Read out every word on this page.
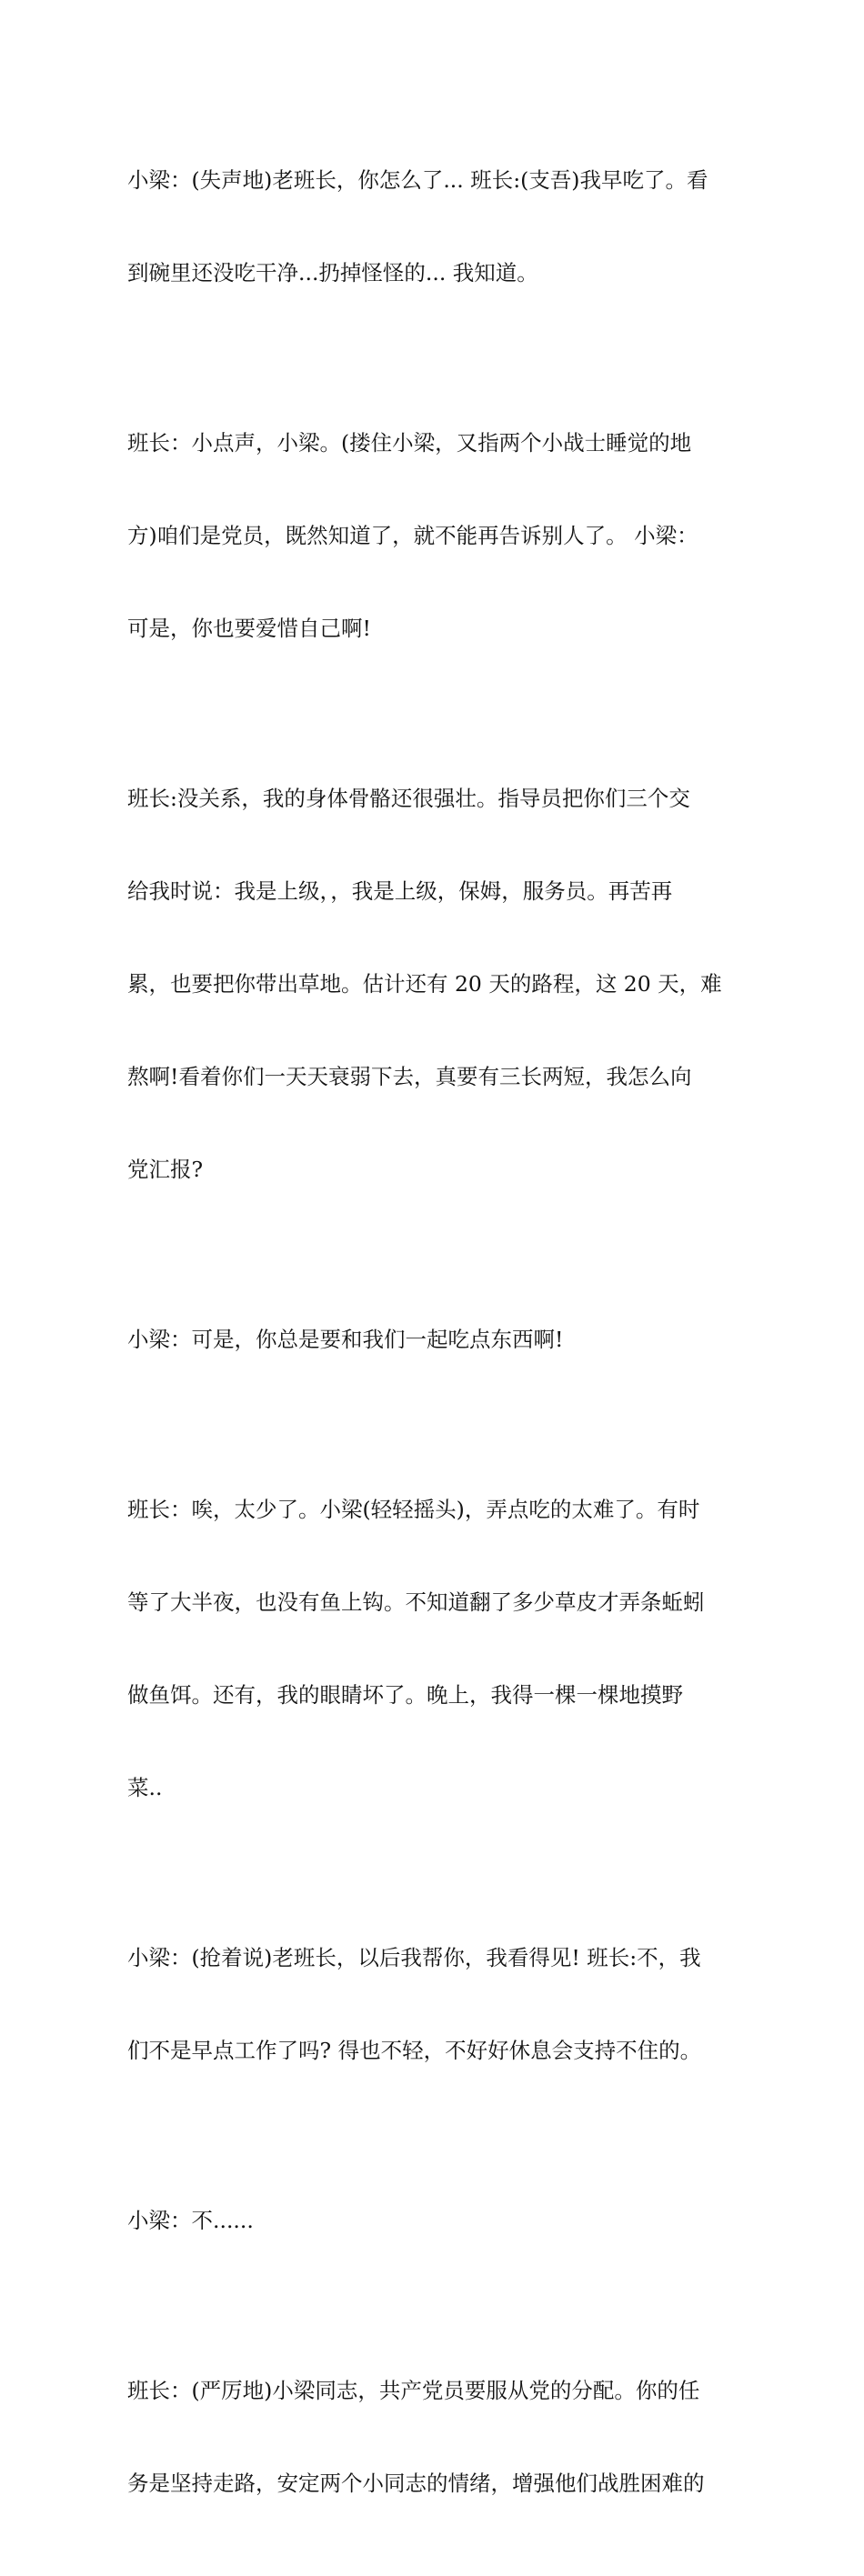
小梁：(失声地)老班长，你怎么了... 班长:(支吾)我早吃了。看

到碗里还没吃干净...扔掉怪怪的... 我知道。

班长：小点声，小梁。(搂住小梁，又指两个小战士睡觉的地

方)咱们是党员，既然知道了，就不能再告诉别人了。 小梁：

可是，你也要爱惜自己啊!

班长:没关系，我的身体骨骼还很强壮。指导员把你们三个交

给我时说：我是上级，，我是上级，保姆，服务员。再苦再

累，也要把你带出草地。估计还有 20 天的路程，这 20 天，难

熬啊!看着你们一天天衰弱下去，真要有三长两短，我怎么向

党汇报?

小梁：可是，你总是要和我们一起吃点东西啊!

班长：唉，太少了。小梁(轻轻摇头)，弄点吃的太难了。有时

等了大半夜，也没有鱼上钩。不知道翻了多少草皮才弄条蚯蚓

做鱼饵。还有，我的眼睛坏了。晚上，我得一棵一棵地摸野

菜..

小梁：(抢着说)老班长，以后我帮你，我看得见! 班长:不，我

们不是早点工作了吗? 得也不轻，不好好休息会支持不住的。

小梁：不......

班长：(严厉地)小梁同志，共产党员要服从党的分配。你的任

务是坚持走路，安定两个小同志的情绪，增强他们战胜困难的
